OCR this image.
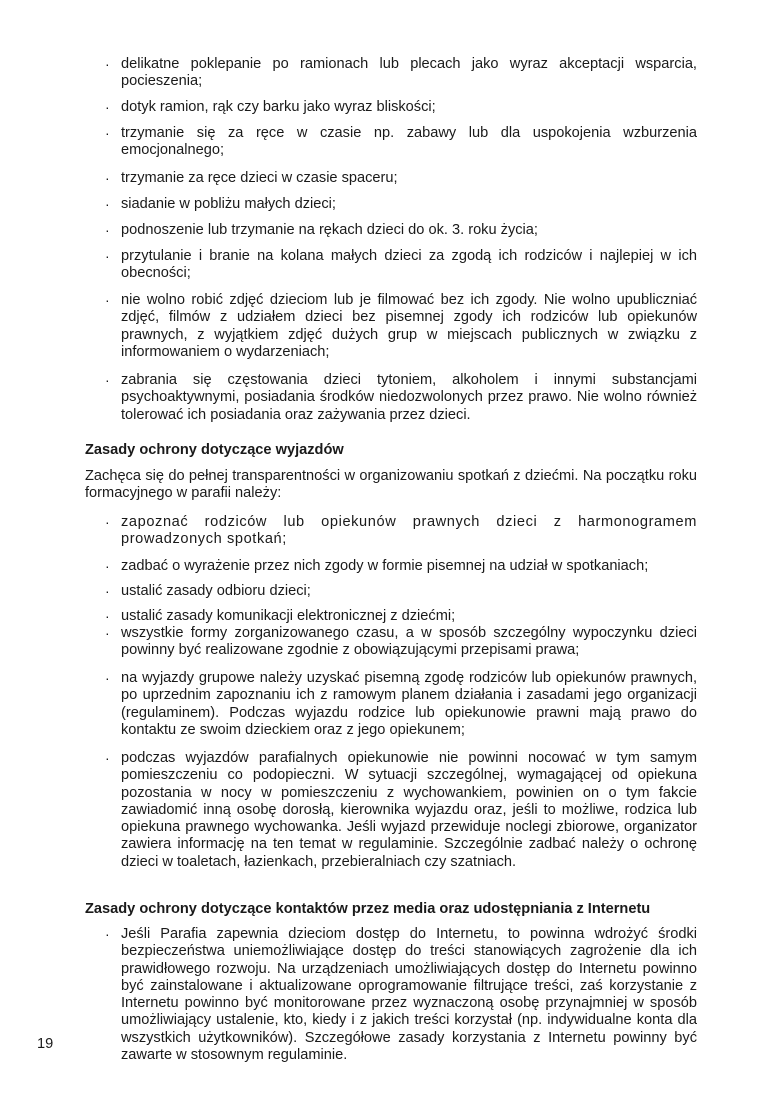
· delikatne poklepanie po ramionach lub plecach jako wyraz akceptacji wsparcia, pocieszenia;
· dotyk ramion, rąk czy barku jako wyraz bliskości;
· trzymanie się za ręce w czasie np. zabawy lub dla uspokojenia wzburzenia emocjonalnego;
· trzymanie za ręce dzieci w czasie spaceru;
· siadanie w pobliżu małych dzieci;
· podnoszenie lub trzymanie na rękach dzieci do ok. 3. roku życia;
· przytulanie i branie na kolana małych dzieci za zgodą ich rodziców i najlepiej w ich obecności;
· nie wolno robić zdjęć dzieciom lub je filmować bez ich zgody. Nie wolno upubliczniać zdjęć, filmów z udziałem dzieci bez pisemnej zgody ich rodziców lub opiekunów prawnych, z wyjątkiem zdjęć dużych grup w miejscach publicznych w związku z informowaniem o wydarzeniach;
· zabrania się częstowania dzieci tytoniem, alkoholem i innymi substancjami psychoaktywnymi, posiadania środków niedozwolonych przez prawo. Nie wolno również tolerować ich posiadania oraz zażywania przez dzieci.
Zasady ochrony dotyczące wyjazdów
Zachęca się do pełnej transparentności w organizowaniu spotkań z dziećmi. Na początku roku formacyjnego w parafii należy:
· zapoznać rodziców lub opiekunów prawnych dzieci z harmonogramem prowadzonych spotkań;
· zadbać o wyrażenie przez nich zgody w formie pisemnej na udział w spotkaniach;
· ustalić zasady odbioru dzieci;
· ustalić zasady komunikacji elektronicznej z dziećmi;
· wszystkie formy zorganizowanego czasu, a w sposób szczególny wypoczynku dzieci powinny być realizowane zgodnie z obowiązującymi przepisami prawa;
· na wyjazdy grupowe należy uzyskać pisemną zgodę rodziców lub opiekunów prawnych, po uprzednim zapoznaniu ich z ramowym planem działania i zasadami jego organizacji (regulaminem). Podczas wyjazdu rodzice lub opiekunowie prawni mają prawo do kontaktu ze swoim dzieckiem oraz z jego opiekunem;
· podczas wyjazdów parafialnych opiekunowie nie powinni nocować w tym samym pomieszczeniu co podopieczni. W sytuacji szczególnej, wymagającej od opiekuna pozostania w nocy w pomieszczeniu z wychowankiem, powinien on o tym fakcie zawiadomić inną osobę dorosłą, kierownika wyjazdu oraz, jeśli to możliwe, rodzica lub opiekuna prawnego wychowanka. Jeśli wyjazd przewiduje noclegi zbiorowe, organizator zawiera informację na ten temat w regulaminie. Szczególnie zadbać należy o ochronę dzieci w toaletach, łazienkach, przebieralniach czy szatniach.
Zasady ochrony dotyczące kontaktów przez media oraz udostępniania z Internetu
· Jeśli Parafia zapewnia dzieciom dostęp do Internetu, to powinna wdrożyć środki bezpieczeństwa uniemożliwiające dostęp do treści stanowiących zagrożenie dla ich prawidłowego rozwoju. Na urządzeniach umożliwiających dostęp do Internetu powinno być zainstalowane i aktualizowane oprogramowanie filtrujące treści, zaś korzystanie z Internetu powinno być monitorowane przez wyznaczoną osobę przynajmniej w sposób umożliwiający ustalenie, kto, kiedy i z jakich treści korzystał (np. indywidualne konta dla wszystkich użytkowników). Szczegółowe zasady korzystania z Internetu powinny być zawarte w stosownym regulaminie.
19
